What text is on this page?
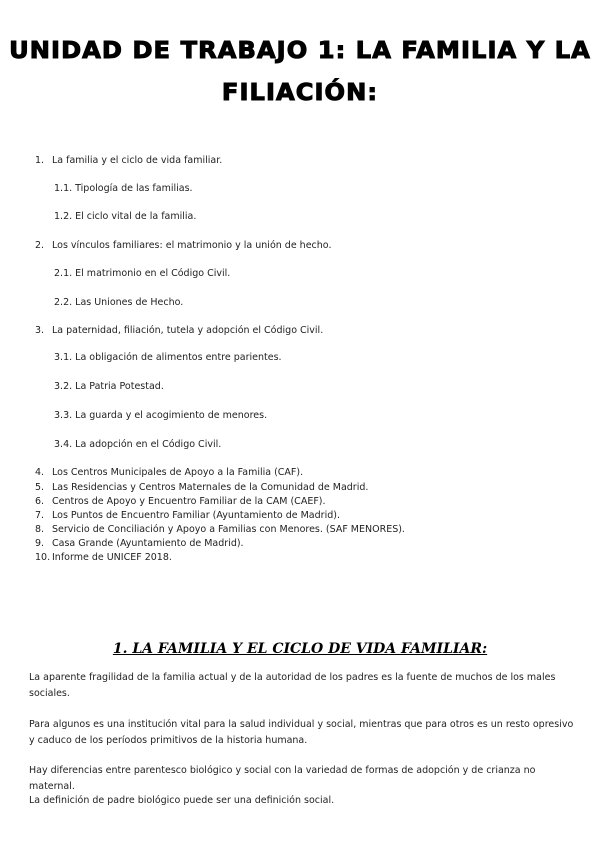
UNIDAD DE TRABAJO 1: LA FAMILIA Y LA FILIACIÓN:
1. La familia y el ciclo de vida familiar.
1.1. Tipología de las familias.
1.2. El ciclo vital de la familia.
2. Los vínculos familiares: el matrimonio y la unión de hecho.
2.1. El matrimonio en el Código Civil.
2.2. Las Uniones de Hecho.
3. La paternidad, filiación, tutela y adopción el Código Civil.
3.1. La obligación de alimentos entre parientes.
3.2. La Patria Potestad.
3.3. La guarda y el acogimiento de menores.
3.4. La adopción en el Código Civil.
4. Los Centros Municipales de Apoyo a la Familia (CAF).
5. Las Residencias y Centros Maternales de la Comunidad de Madrid.
6. Centros de Apoyo y Encuentro Familiar de la CAM (CAEF).
7. Los Puntos de Encuentro Familiar (Ayuntamiento de Madrid).
8. Servicio de Conciliación y Apoyo a Familias con Menores. (SAF MENORES).
9. Casa Grande (Ayuntamiento de Madrid).
10. Informe de UNICEF 2018.
1. LA FAMILIA Y EL CICLO DE VIDA FAMILIAR:
La aparente fragilidad de la familia actual y de la autoridad de los padres es la fuente de muchos de los males sociales.
Para algunos es una institución vital para la salud individual y social, mientras que para otros es un resto opresivo y caduco de los períodos primitivos de la historia humana.
Hay diferencias entre parentesco biológico y social con la variedad de formas de adopción y de crianza no maternal.
La definición de padre biológico puede ser una definición social.
